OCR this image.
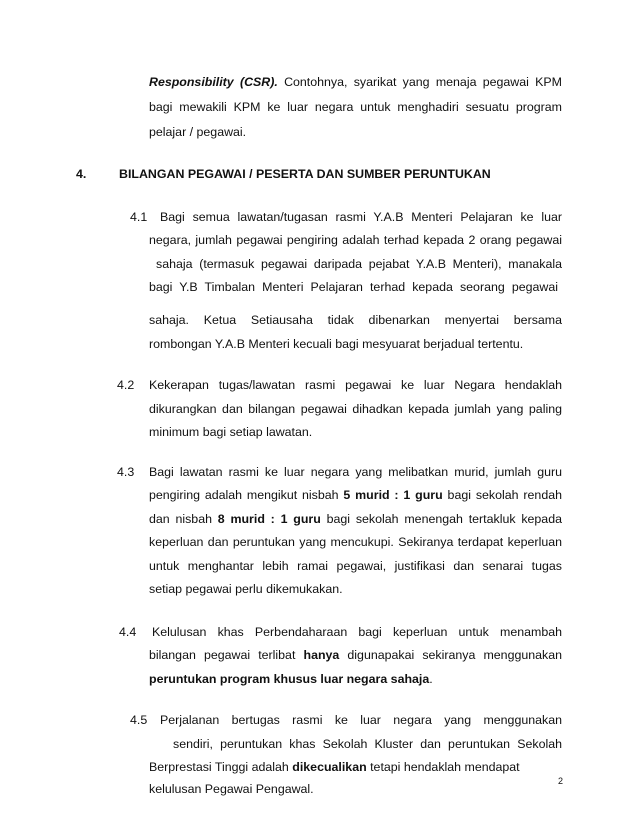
Responsibility (CSR). Contohnya, syarikat yang menaja pegawai KPM
bagi mewakili KPM ke luar negara untuk menghadiri sesuatu program
pelajar / pegawai.
4.	BILANGAN PEGAWAI / PESERTA DAN SUMBER PERUNTUKAN
4.1 Bagi semua lawatan/tugasan rasmi Y.A.B Menteri Pelajaran ke luar
negara, jumlah pegawai pengiring adalah terhad kepada 2 orang pegawai
sahaja (termasuk pegawai daripada pejabat Y.A.B Menteri), manakala
bagi Y.B Timbalan Menteri Pelajaran terhad kepada seorang pegawai
sahaja. Ketua Setiausaha tidak dibenarkan menyertai bersama
rombongan Y.A.B Menteri kecuali bagi mesyuarat berjadual tertentu.
4.2 Kekerapan tugas/lawatan rasmi pegawai ke luar Negara hendaklah
dikurangkan dan bilangan pegawai dihadkan kepada jumlah yang paling
minimum bagi setiap lawatan.
4.3 Bagi lawatan rasmi ke luar negara yang melibatkan murid, jumlah guru
pengiring adalah mengikut nisbah 5 murid : 1 guru bagi sekolah rendah
dan nisbah 8 murid : 1 guru bagi sekolah menengah tertakluk kepada
keperluan dan peruntukan yang mencukupi. Sekiranya terdapat keperluan
untuk menghantar lebih ramai pegawai, justifikasi dan senarai tugas
setiap pegawai perlu dikemukakan.
4.4 Kelulusan khas Perbendaharaan bagi keperluan untuk menambah
bilangan pegawai terlibat hanya digunapakai sekiranya menggunakan
peruntukan program khusus luar negara sahaja.
4.5 Perjalanan bertugas rasmi ke luar negara yang menggunakan
sendiri, peruntukan khas Sekolah Kluster dan peruntukan Sekolah
Berprestasi Tinggi adalah dikecualikan tetapi hendaklah mendapat
kelulusan Pegawai Pengawal.
2
